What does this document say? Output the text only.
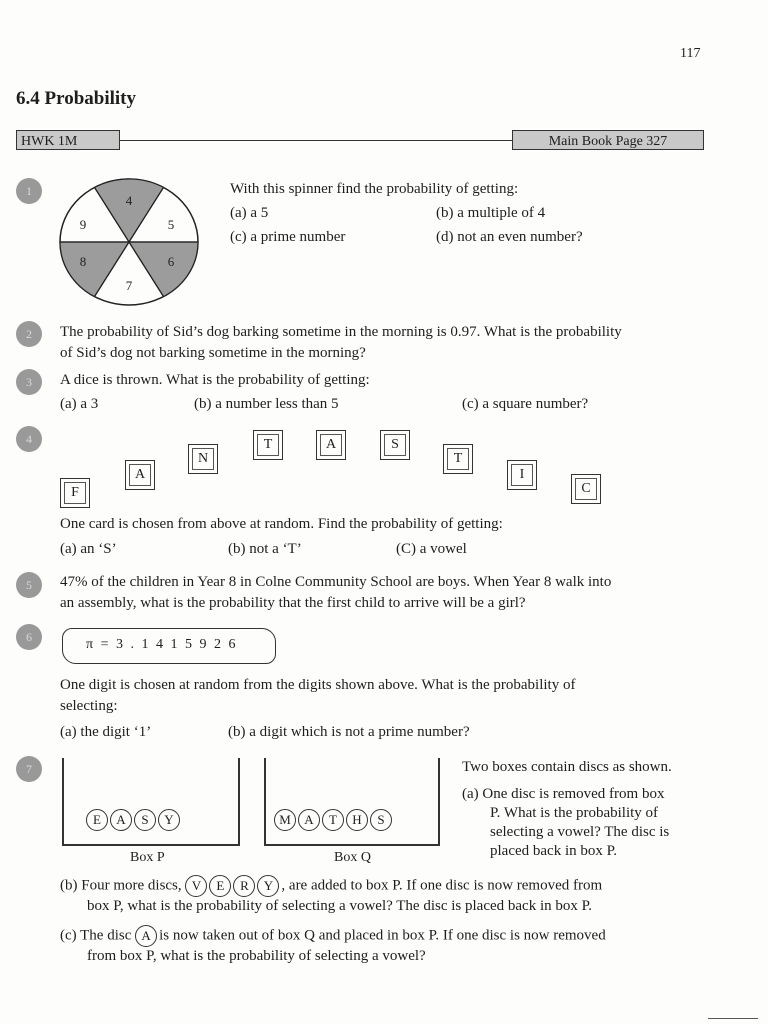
117
6.4 Probability
HWK 1M	Main Book Page 327
1
4
5
6
7
8
9
With this spinner find the probability of getting:
(a) a 5	(b) a multiple of 4
(c) a prime number	(d) not an even number?
2	The probability of Sid’s dog barking sometime in the morning is 0.97. What is the probability
of Sid’s dog not barking sometime in the morning?
3	A dice is thrown. What is the probability of getting:
(a) a 3	(b) a number less than 5	(c) a square number?
4
F
A
N
T	A	S
T
I
C
One card is chosen from above at random. Find the probability of getting:
(a) an ‘S’	(b) not a ‘T’	(C) a vowel
5	47% of the children in Year 8 in Colne Community School are boys. When Year 8 walk into
an assembly, what is the probability that the first child to arrive will be a girl?
6	π = 3 . 1 4 1 5 9 2 6
One digit is chosen at random from the digits shown above. What is the probability of
selecting:
(a) the digit ‘1’	(b) a digit which is not a prime number?
7
E A S Y
Box P
M A T H S
Box Q
Two boxes contain discs as shown.
(a) One disc is removed from box
P. What is the probability of
selecting a vowel? The disc is
placed back in box P.
(b) Four more discs, V E R Y , are added to box P. If one disc is now removed from
box P, what is the probability of selecting a vowel? The disc is placed back in box P.
(c) The disc A is now taken out of box Q and placed in box P. If one disc is now removed
from box P, what is the probability of selecting a vowel?
